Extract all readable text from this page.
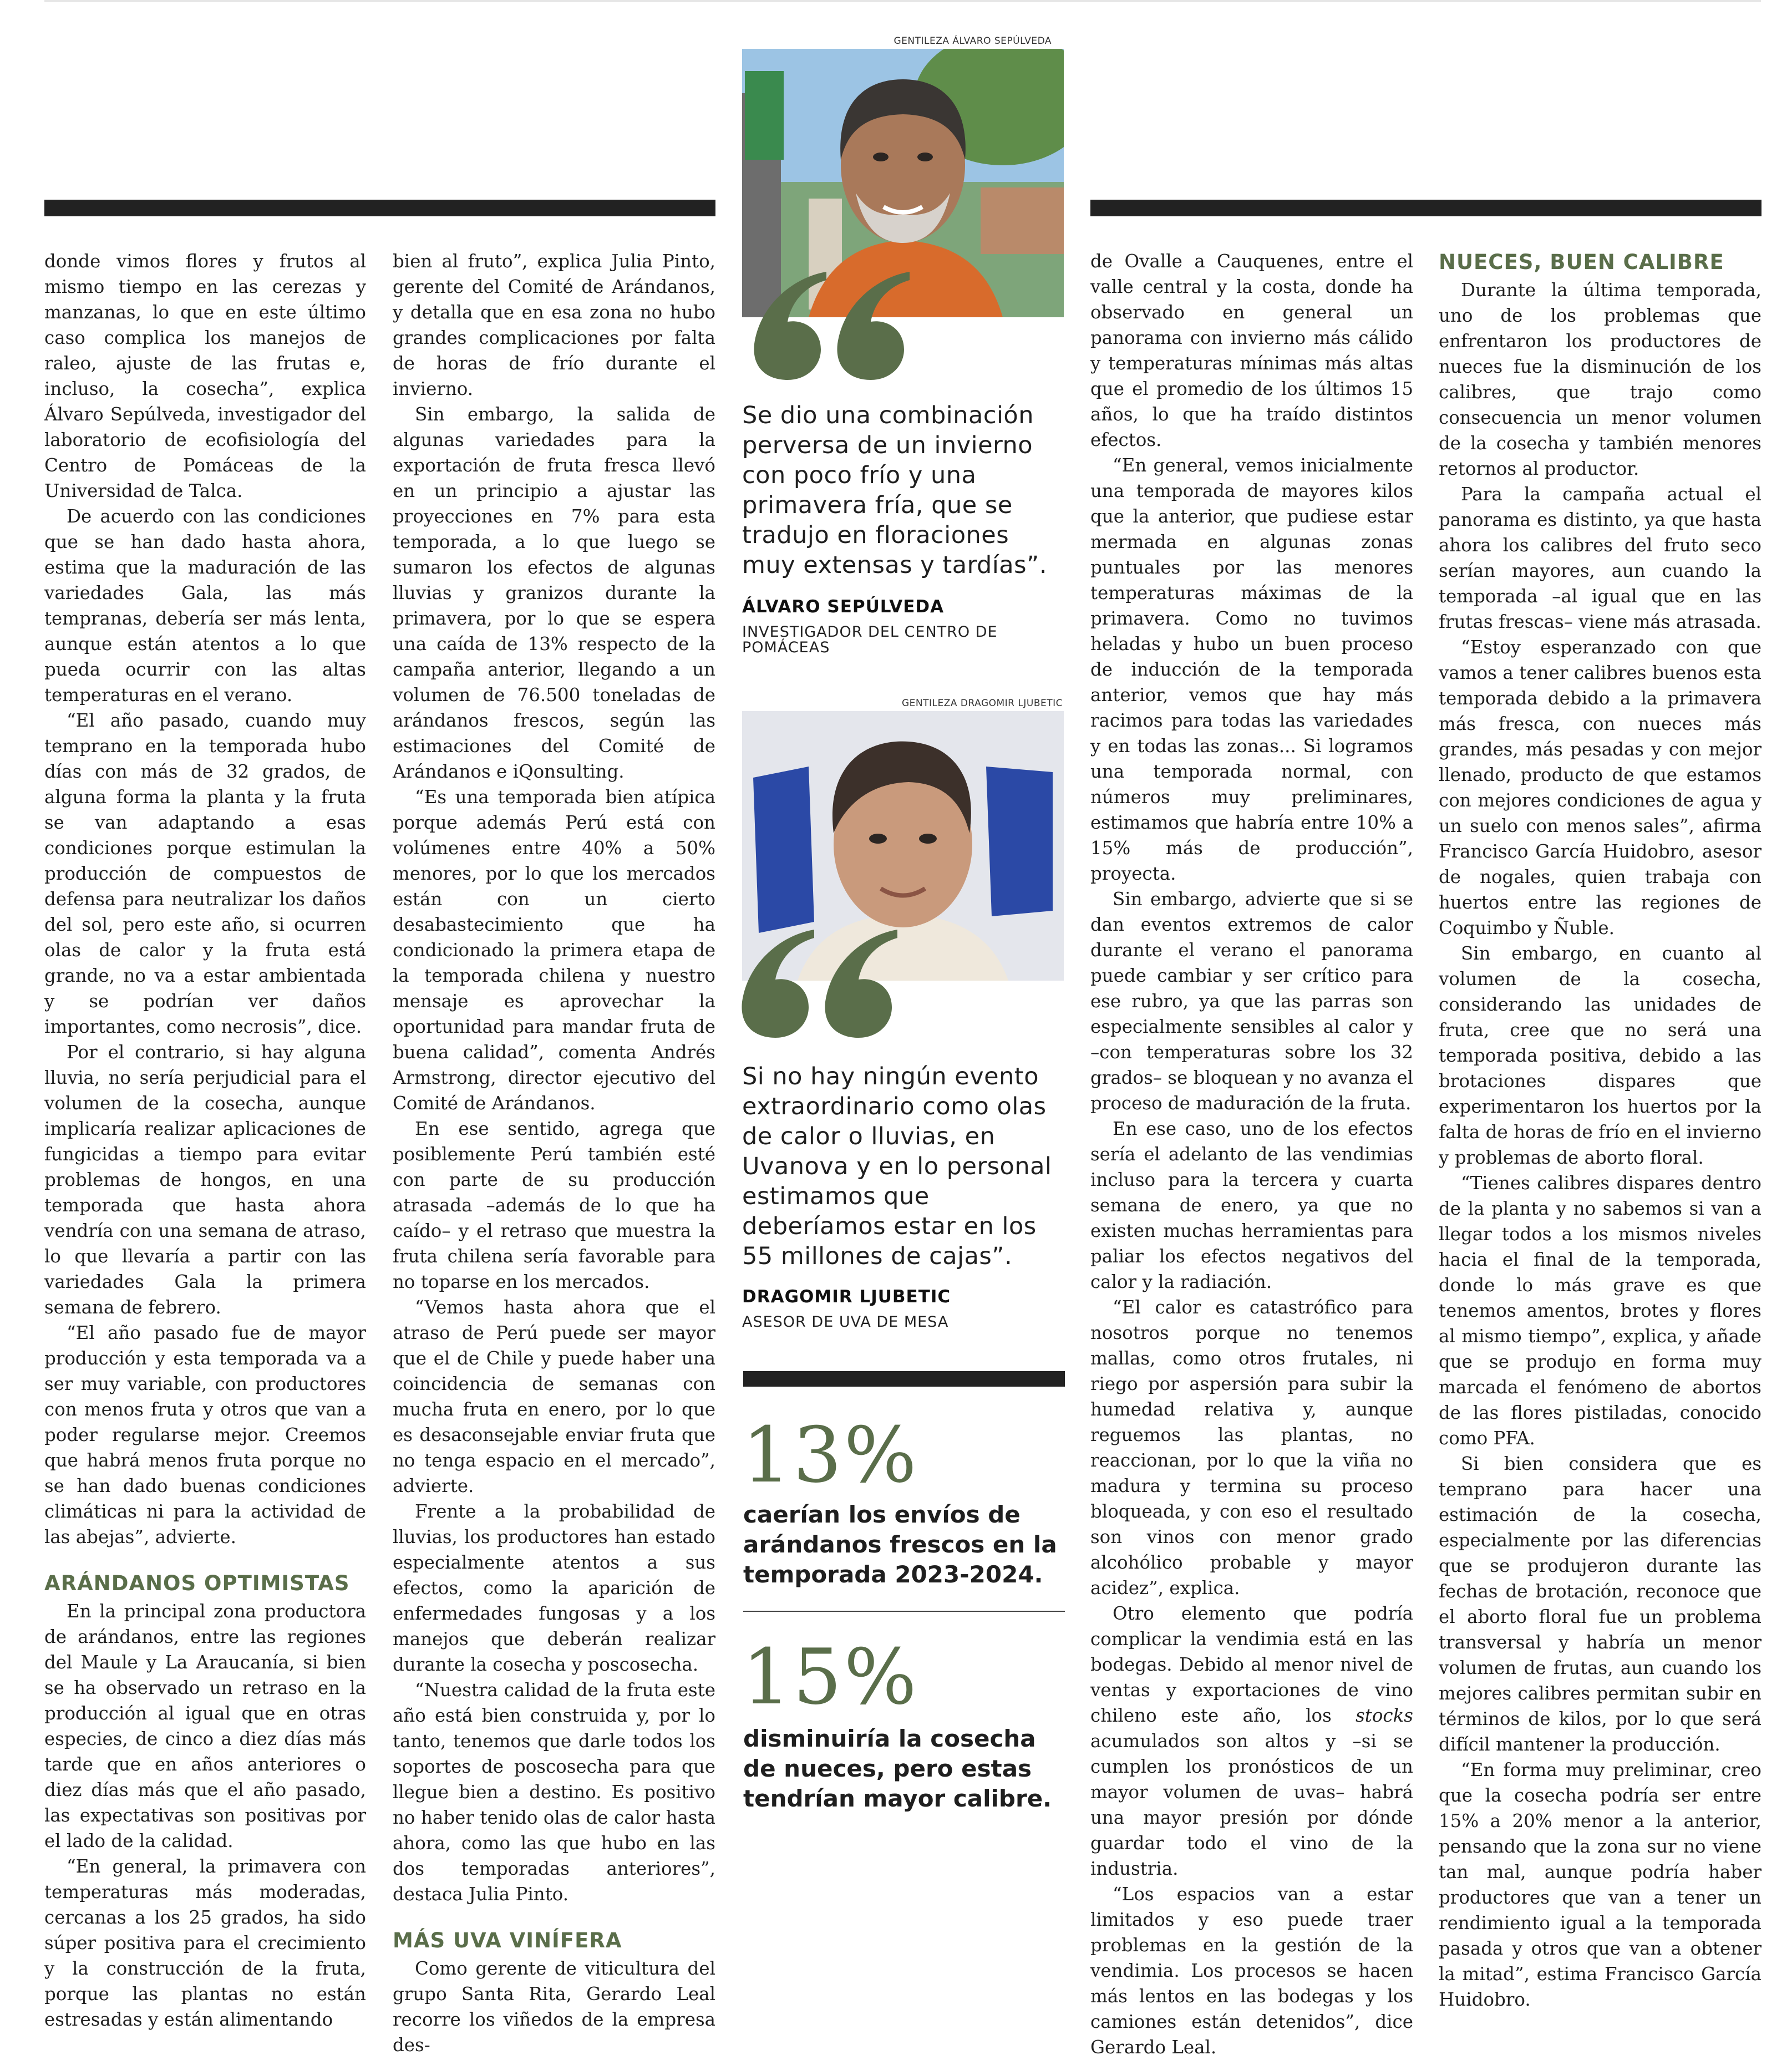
donde vimos flores y frutos al mismo tiempo en las cerezas y manzanas, lo que en este último caso complica los manejos de raleo, ajuste de las frutas e, incluso, la cosecha”, explica Álvaro Sepúlveda, investigador del laboratorio de ecofisiología del Centro de Pomáceas de la Universidad de Talca.

De acuerdo con las condiciones que se han dado hasta ahora, estima que la maduración de las variedades Gala, las más tempranas, debería ser más lenta, aunque están atentos a lo que pueda ocurrir con las altas temperaturas en el verano.

“El año pasado, cuando muy temprano en la temporada hubo días con más de 32 grados, de alguna forma la planta y la fruta se van adaptando a esas condiciones porque estimulan la producción de compuestos de defensa para neutralizar los daños del sol, pero este año, si ocurren olas de calor y la fruta está grande, no va a estar ambientada y se podrían ver daños importantes, como necrosis”, dice.

Por el contrario, si hay alguna lluvia, no sería perjudicial para el volumen de la cosecha, aunque implicaría realizar aplicaciones de fungicidas a tiempo para evitar problemas de hongos, en una temporada que hasta ahora vendría con una semana de atraso, lo que llevaría a partir con las variedades Gala la primera semana de febrero.

“El año pasado fue de mayor producción y esta temporada va a ser muy variable, con productores con menos fruta y otros que van a poder regularse mejor. Creemos que habrá menos fruta porque no se han dado buenas condiciones climáticas ni para la actividad de las abejas”, advierte.

ARÁNDANOS OPTIMISTAS

En la principal zona productora de arándanos, entre las regiones del Maule y La Araucanía, si bien se ha observado un retraso en la producción al igual que en otras especies, de cinco a diez días más tarde que en años anteriores o diez días más que el año pasado, las expectativas son positivas por el lado de la calidad.

“En general, la primavera con temperaturas más moderadas, cercanas a los 25 grados, ha sido súper positiva para el crecimiento y la construcción de la fruta, porque las plantas no están estresadas y están alimentando

bien al fruto”, explica Julia Pinto, gerente del Comité de Arándanos, y detalla que en esa zona no hubo grandes complicaciones por falta de horas de frío durante el invierno.

Sin embargo, la salida de algunas variedades para la exportación de fruta fresca llevó en un principio a ajustar las proyecciones en 7% para esta temporada, a lo que luego se sumaron los efectos de algunas lluvias y granizos durante la primavera, por lo que se espera una caída de 13% respecto de la campaña anterior, llegando a un volumen de 76.500 toneladas de arándanos frescos, según las estimaciones del Comité de Arándanos e iQonsulting.

“Es una temporada bien atípica porque además Perú está con volúmenes entre 40% a 50% menores, por lo que los mercados están con un cierto desabastecimiento que ha condicionado la primera etapa de la temporada chilena y nuestro mensaje es aprovechar la oportunidad para mandar fruta de buena calidad”, comenta Andrés Armstrong, director ejecutivo del Comité de Arándanos.

En ese sentido, agrega que posiblemente Perú también esté con parte de su producción atrasada –además de lo que ha caído– y el retraso que muestra la fruta chilena sería favorable para no toparse en los mercados.

“Vemos hasta ahora que el atraso de Perú puede ser mayor que el de Chile y puede haber una coincidencia de semanas con mucha fruta en enero, por lo que es desaconsejable enviar fruta que no tenga espacio en el mercado”, advierte.

Frente a la probabilidad de lluvias, los productores han estado especialmente atentos a sus efectos, como la aparición de enfermedades fungosas y a los manejos que deberán realizar durante la cosecha y poscosecha.

“Nuestra calidad de la fruta este año está bien construida y, por lo tanto, tenemos que darle todos los soportes de poscosecha para que llegue bien a destino. Es positivo no haber tenido olas de calor hasta ahora, como las que hubo en las dos temporadas anteriores”, destaca Julia Pinto.

MÁS UVA VINÍFERA

Como gerente de viticultura del grupo Santa Rita, Gerardo Leal recorre los viñedos de la empresa des-

GENTILEZA ÁLVARO SEPÚLVEDA
Se dio una combinación perversa de un invierno con poco frío y una primavera fría, que se tradujo en floraciones muy extensas y tardías”.
ÁLVARO SEPÚLVEDA
INVESTIGADOR DEL CENTRO DE POMÁCEAS
GENTILEZA DRAGOMIR LJUBETIC
Si no hay ningún evento extraordinario como olas de calor o lluvias, en Uvanova y en lo personal estimamos que deberíamos estar en los 55 millones de cajas”.
DRAGOMIR LJUBETIC
ASESOR DE UVA DE MESA
13%
caerían los envíos de arándanos frescos en la temporada 2023-2024.
15%
disminuiría la cosecha de nueces, pero estas tendrían mayor calibre.

de Ovalle a Cauquenes, entre el valle central y la costa, donde ha observado en general un panorama con invierno más cálido y temperaturas mínimas más altas que el promedio de los últimos 15 años, lo que ha traído distintos efectos.

“En general, vemos inicialmente una temporada de mayores kilos que la anterior, que pudiese estar mermada en algunas zonas puntuales por las menores temperaturas máximas de la primavera. Como no tuvimos heladas y hubo un buen proceso de inducción de la temporada anterior, vemos que hay más racimos para todas las variedades y en todas las zonas... Si logramos una temporada normal, con números muy preliminares, estimamos que habría entre 10% a 15% más de producción”, proyecta.

Sin embargo, advierte que si se dan eventos extremos de calor durante el verano el panorama puede cambiar y ser crítico para ese rubro, ya que las parras son especialmente sensibles al calor y –con temperaturas sobre los 32 grados– se bloquean y no avanza el proceso de maduración de la fruta.

En ese caso, uno de los efectos sería el adelanto de las vendimias incluso para la tercera y cuarta semana de enero, ya que no existen muchas herramientas para paliar los efectos negativos del calor y la radiación.

“El calor es catastrófico para nosotros porque no tenemos mallas, como otros frutales, ni riego por aspersión para subir la humedad relativa y, aunque reguemos las plantas, no reaccionan, por lo que la viña no madura y termina su proceso bloqueada, y con eso el resultado son vinos con menor grado alcohólico probable y mayor acidez”, explica.

Otro elemento que podría complicar la vendimia está en las bodegas. Debido al menor nivel de ventas y exportaciones de vino chileno este año, los stocks acumulados son altos y –si se cumplen los pronósticos de un mayor volumen de uvas– habrá una mayor presión por dónde guardar todo el vino de la industria.

“Los espacios van a estar limitados y eso puede traer problemas en la gestión de la vendimia. Los procesos se hacen más lentos en las bodegas y los camiones están detenidos”, dice Gerardo Leal.

NUECES, BUEN CALIBRE

Durante la última temporada, uno de los problemas que enfrentaron los productores de nueces fue la disminución de los calibres, que trajo como consecuencia un menor volumen de la cosecha y también menores retornos al productor.

Para la campaña actual el panorama es distinto, ya que hasta ahora los calibres del fruto seco serían mayores, aun cuando la temporada –al igual que en las frutas frescas– viene más atrasada.

“Estoy esperanzado con que vamos a tener calibres buenos esta temporada debido a la primavera más fresca, con nueces más grandes, más pesadas y con mejor llenado, producto de que estamos con mejores condiciones de agua y un suelo con menos sales”, afirma Francisco García Huidobro, asesor de nogales, quien trabaja con huertos entre las regiones de Coquimbo y Ñuble.

Sin embargo, en cuanto al volumen de la cosecha, considerando las unidades de fruta, cree que no será una temporada positiva, debido a las brotaciones dispares que experimentaron los huertos por la falta de horas de frío en el invierno y problemas de aborto floral.

“Tienes calibres dispares dentro de la planta y no sabemos si van a llegar todos a los mismos niveles hacia el final de la temporada, donde lo más grave es que tenemos amentos, brotes y flores al mismo tiempo”, explica, y añade que se produjo en forma muy marcada el fenómeno de abortos de las flores pistiladas, conocido como PFA.

Si bien considera que es temprano para hacer una estimación de la cosecha, especialmente por las diferencias que se produjeron durante las fechas de brotación, reconoce que el aborto floral fue un problema transversal y habría un menor volumen de frutas, aun cuando los mejores calibres permitan subir en términos de kilos, por lo que será difícil mantener la producción.

“En forma muy preliminar, creo que la cosecha podría ser entre 15% a 20% menor a la anterior, pensando que la zona sur no viene tan mal, aunque podría haber productores que van a tener un rendimiento igual a la temporada pasada y otros que van a obtener la mitad”, estima Francisco García Huidobro.
